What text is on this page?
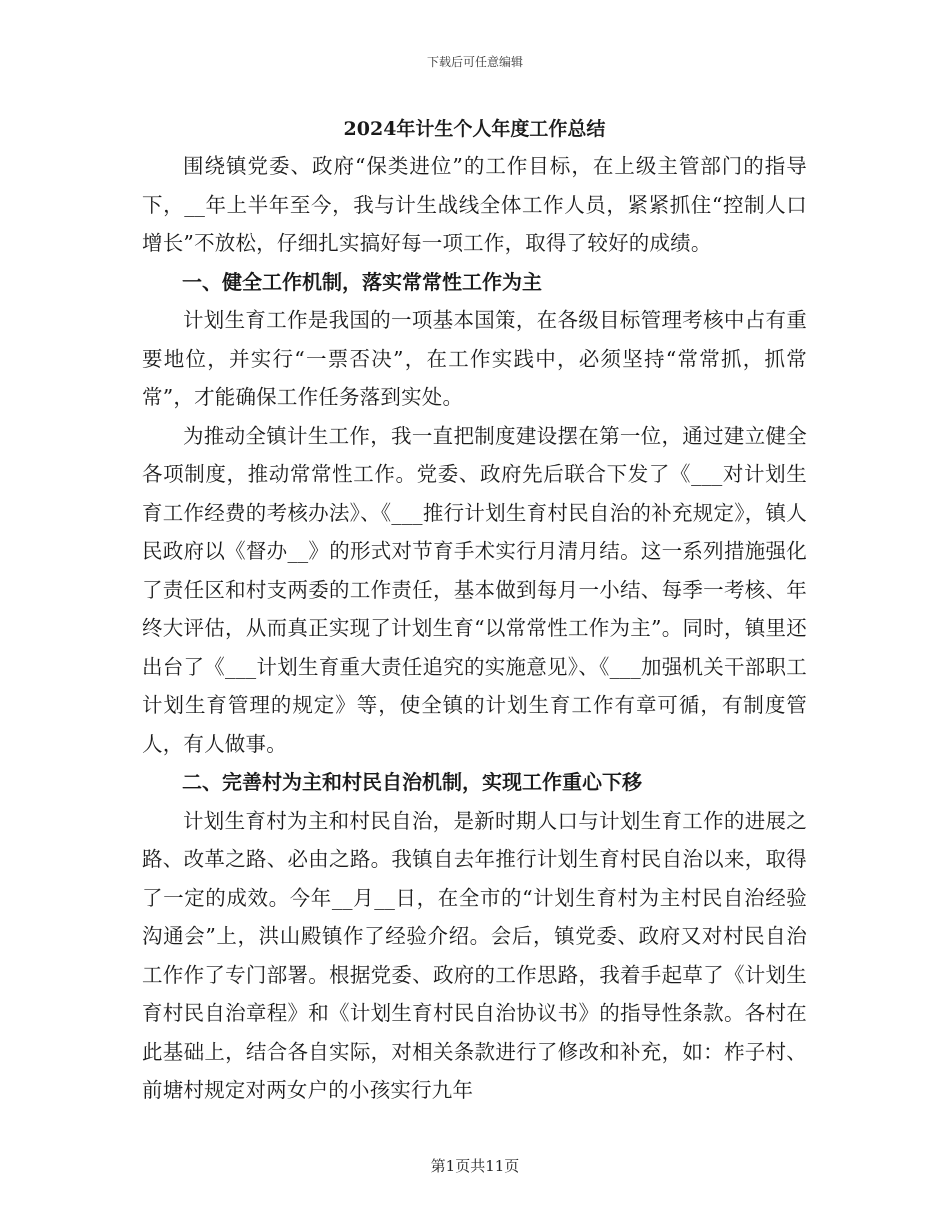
下载后可任意编辑
2024年计生个人年度工作总结

围绕镇党委、政府“保类进位”的工作目标，在上级主管部门的指导下，__年上半年至今，我与计生战线全体工作人员，紧紧抓住“控制人口增长”不放松，仔细扎实搞好每一项工作，取得了较好的成绩。

一、健全工作机制，落实常常性工作为主

计划生育工作是我国的一项基本国策，在各级目标管理考核中占有重要地位，并实行“一票否决”，在工作实践中，必须坚持“常常抓，抓常常”，才能确保工作任务落到实处。

为推动全镇计生工作，我一直把制度建设摆在第一位，通过建立健全各项制度，推动常常性工作。党委、政府先后联合下发了《___对计划生育工作经费的考核办法》、《___推行计划生育村民自治的补充规定》，镇人民政府以《督办__》的形式对节育手术实行月清月结。这一系列措施强化了责任区和村支两委的工作责任，基本做到每月一小结、每季一考核、年终大评估，从而真正实现了计划生育“以常常性工作为主”。同时，镇里还出台了《___计划生育重大责任追究的实施意见》、《___加强机关干部职工计划生育管理的规定》等，使全镇的计划生育工作有章可循，有制度管人，有人做事。

二、完善村为主和村民自治机制，实现工作重心下移

计划生育村为主和村民自治，是新时期人口与计划生育工作的进展之路、改革之路、必由之路。我镇自去年推行计划生育村民自治以来，取得了一定的成效。今年__月__日，在全市的“计划生育村为主村民自治经验沟通会”上，洪山殿镇作了经验介绍。会后，镇党委、政府又对村民自治工作作了专门部署。根据党委、政府的工作思路，我着手起草了《计划生育村民自治章程》和《计划生育村民自治协议书》的指导性条款。各村在此基础上，结合各自实际，对相关条款进行了修改和补充，如：柞子村、前塘村规定对两女户的小孩实行九年

第1页共11页
